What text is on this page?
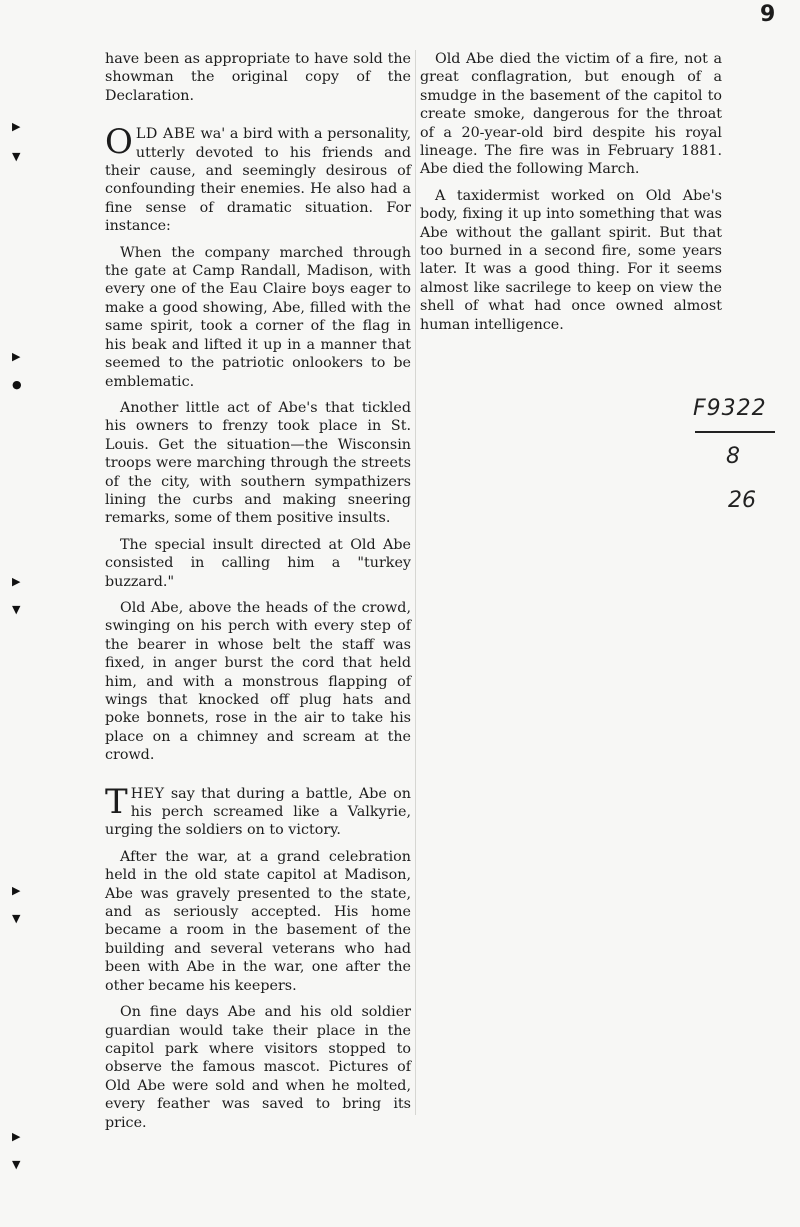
9

have been as appropriate to have sold the showman the original copy of the Declaration.

OLD ABE wa' a bird with a personality, utterly devoted to his friends and their cause, and seemingly desirous of confounding their enemies. He also had a fine sense of dramatic situation. For instance:

When the company marched through the gate at Camp Randall, Madison, with every one of the Eau Claire boys eager to make a good showing, Abe, filled with the same spirit, took a corner of the flag in his beak and lifted it up in a manner that seemed to the patriotic onlookers to be emblematic.

Another little act of Abe's that tickled his owners to frenzy took place in St. Louis. Get the situation—the Wisconsin troops were marching through the streets of the city, with southern sympathizers lining the curbs and making sneering remarks, some of them positive insults.

The special insult directed at Old Abe consisted in calling him a "turkey buzzard."

Old Abe, above the heads of the crowd, swinging on his perch with every step of the bearer in whose belt the staff was fixed, in anger burst the cord that held him, and with a monstrous flapping of wings that knocked off plug hats and poke bonnets, rose in the air to take his place on a chimney and scream at the crowd.

THEY say that during a battle, Abe on his perch screamed like a Valkyrie, urging the soldiers on to victory.

After the war, at a grand celebration held in the old state capitol at Madison, Abe was gravely presented to the state, and as seriously accepted. His home became a room in the basement of the building and several veterans who had been with Abe in the war, one after the other became his keepers.

On fine days Abe and his old soldier guardian would take their place in the capitol park where visitors stopped to observe the famous mascot. Pictures of Old Abe were sold and when he molted, every feather was saved to bring its price.

Old Abe died the victim of a fire, not a great conflagration, but enough of a smudge in the basement of the capitol to create smoke, dangerous for the throat of a 20-year-old bird despite his royal lineage. The fire was in February 1881. Abe died the following March.

A taxidermist worked on Old Abe's body, fixing it up into something that was Abe without the gallant spirit. But that too burned in a second fire, some years later. It was a good thing. For it seems almost like sacrilege to keep on view the shell of what had once owned almost human intelligence.

F9322
8
26
▶
▼
▶
●
▶
▼
▶
▼
▶
▼
